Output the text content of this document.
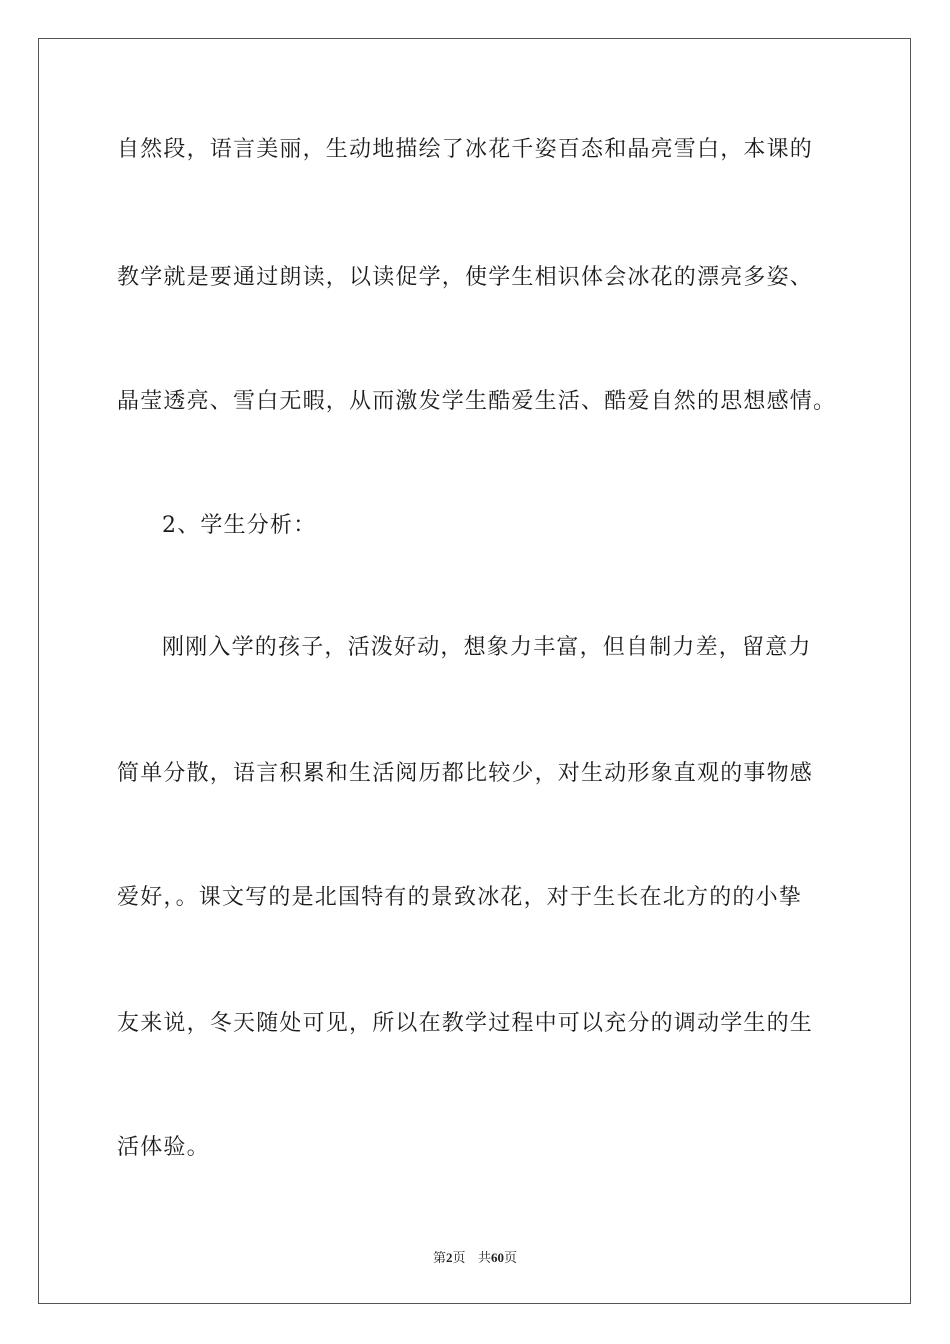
自然段，语言美丽，生动地描绘了冰花千姿百态和晶亮雪白，本课的
教学就是要通过朗读，以读促学，使学生相识体会冰花的漂亮多姿、
晶莹透亮、雪白无暇，从而激发学生酷爱生活、酷爱自然的思想感情。
2、学生分析：
刚刚入学的孩子，活泼好动，想象力丰富，但自制力差，留意力
简单分散，语言积累和生活阅历都比较少，对生动形象直观的事物感
爱好，。课文写的是北国特有的景致冰花，对于生长在北方的的小挚
友来说，冬天随处可见，所以在教学过程中可以充分的调动学生的生
活体验。
第2页 共60页
